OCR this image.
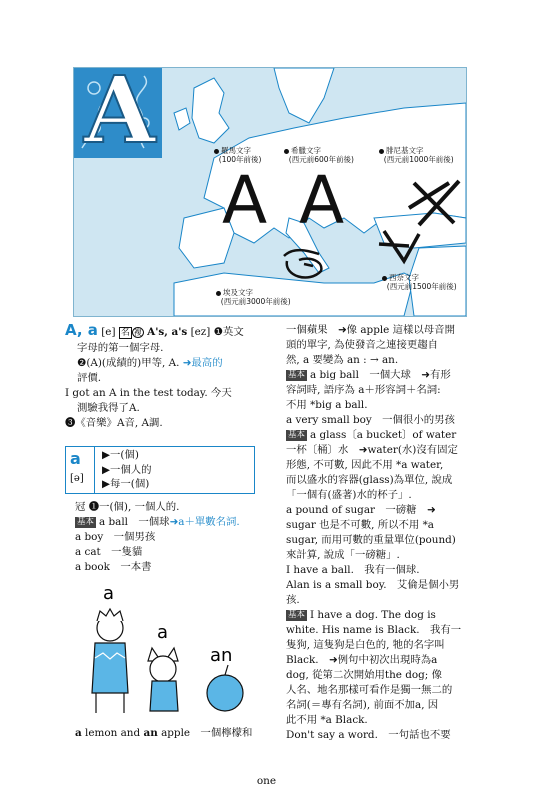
A
A A
羅馬文字
(100年前後)
希臘文字
(西元前600年前後)
腓尼基文字
(西元前1000年前後)
埃及文字
(西元前3000年前後)
西奈文字
(西元前1500年前後)
A, a [e] 名 複 A's, a's [ez] ❶英文
字母的第一個字母.
❷(A)(成績的)甲等, A. ➜最高的
評價.
I got an A in the test today. 今天
測驗我得了A.
❸《音樂》A音, A調.
a
[ə]
▶一(個)
▶一個人的
▶每一(個)
冠 ❶一(個), 一個人的.
基本 a ball　一個球➜a＋單數名詞.
a boy　一個男孩
a cat　一隻貓
a book　一本書
a
a
an
a lemon and an apple　一個檸檬和
一個蘋果　➜像 apple 這樣以母音開
頭的單字, 為使發音之連接更趨自
然, a 要變為 an : → an.
基本 a big ball　一個大球　➜有形
容詞時, 語序為 a＋形容詞＋名詞:
不用 *big a ball.
a very small boy　一個很小的男孩
基本 a glass〔a bucket〕of water
一杯〔桶〕水　➜water(水)沒有固定
形態, 不可數, 因此不用 *a water,
而以盛水的容器(glass)為單位, 說成
「一個有(盛著)水的杯子」.
a pound of sugar　一磅糖　➜
sugar 也是不可數, 所以不用 *a
sugar, 而用可數的重量單位(pound)
來計算, 說成「一磅糖」.
I have a ball.　我有一個球.
Alan is a small boy.　艾倫是個小男
孩.
基本 I have a dog. The dog is
white. His name is Black.　我有一
隻狗, 這隻狗是白色的, 牠的名字叫
Black.　➜例句中初次出現時為a
dog, 從第二次開始用the dog; 像
人名、地名那樣可看作是獨一無二的
名詞(＝專有名詞), 前面不加a, 因
此不用 *a Black.
Don't say a word.　一句話也不要
one
